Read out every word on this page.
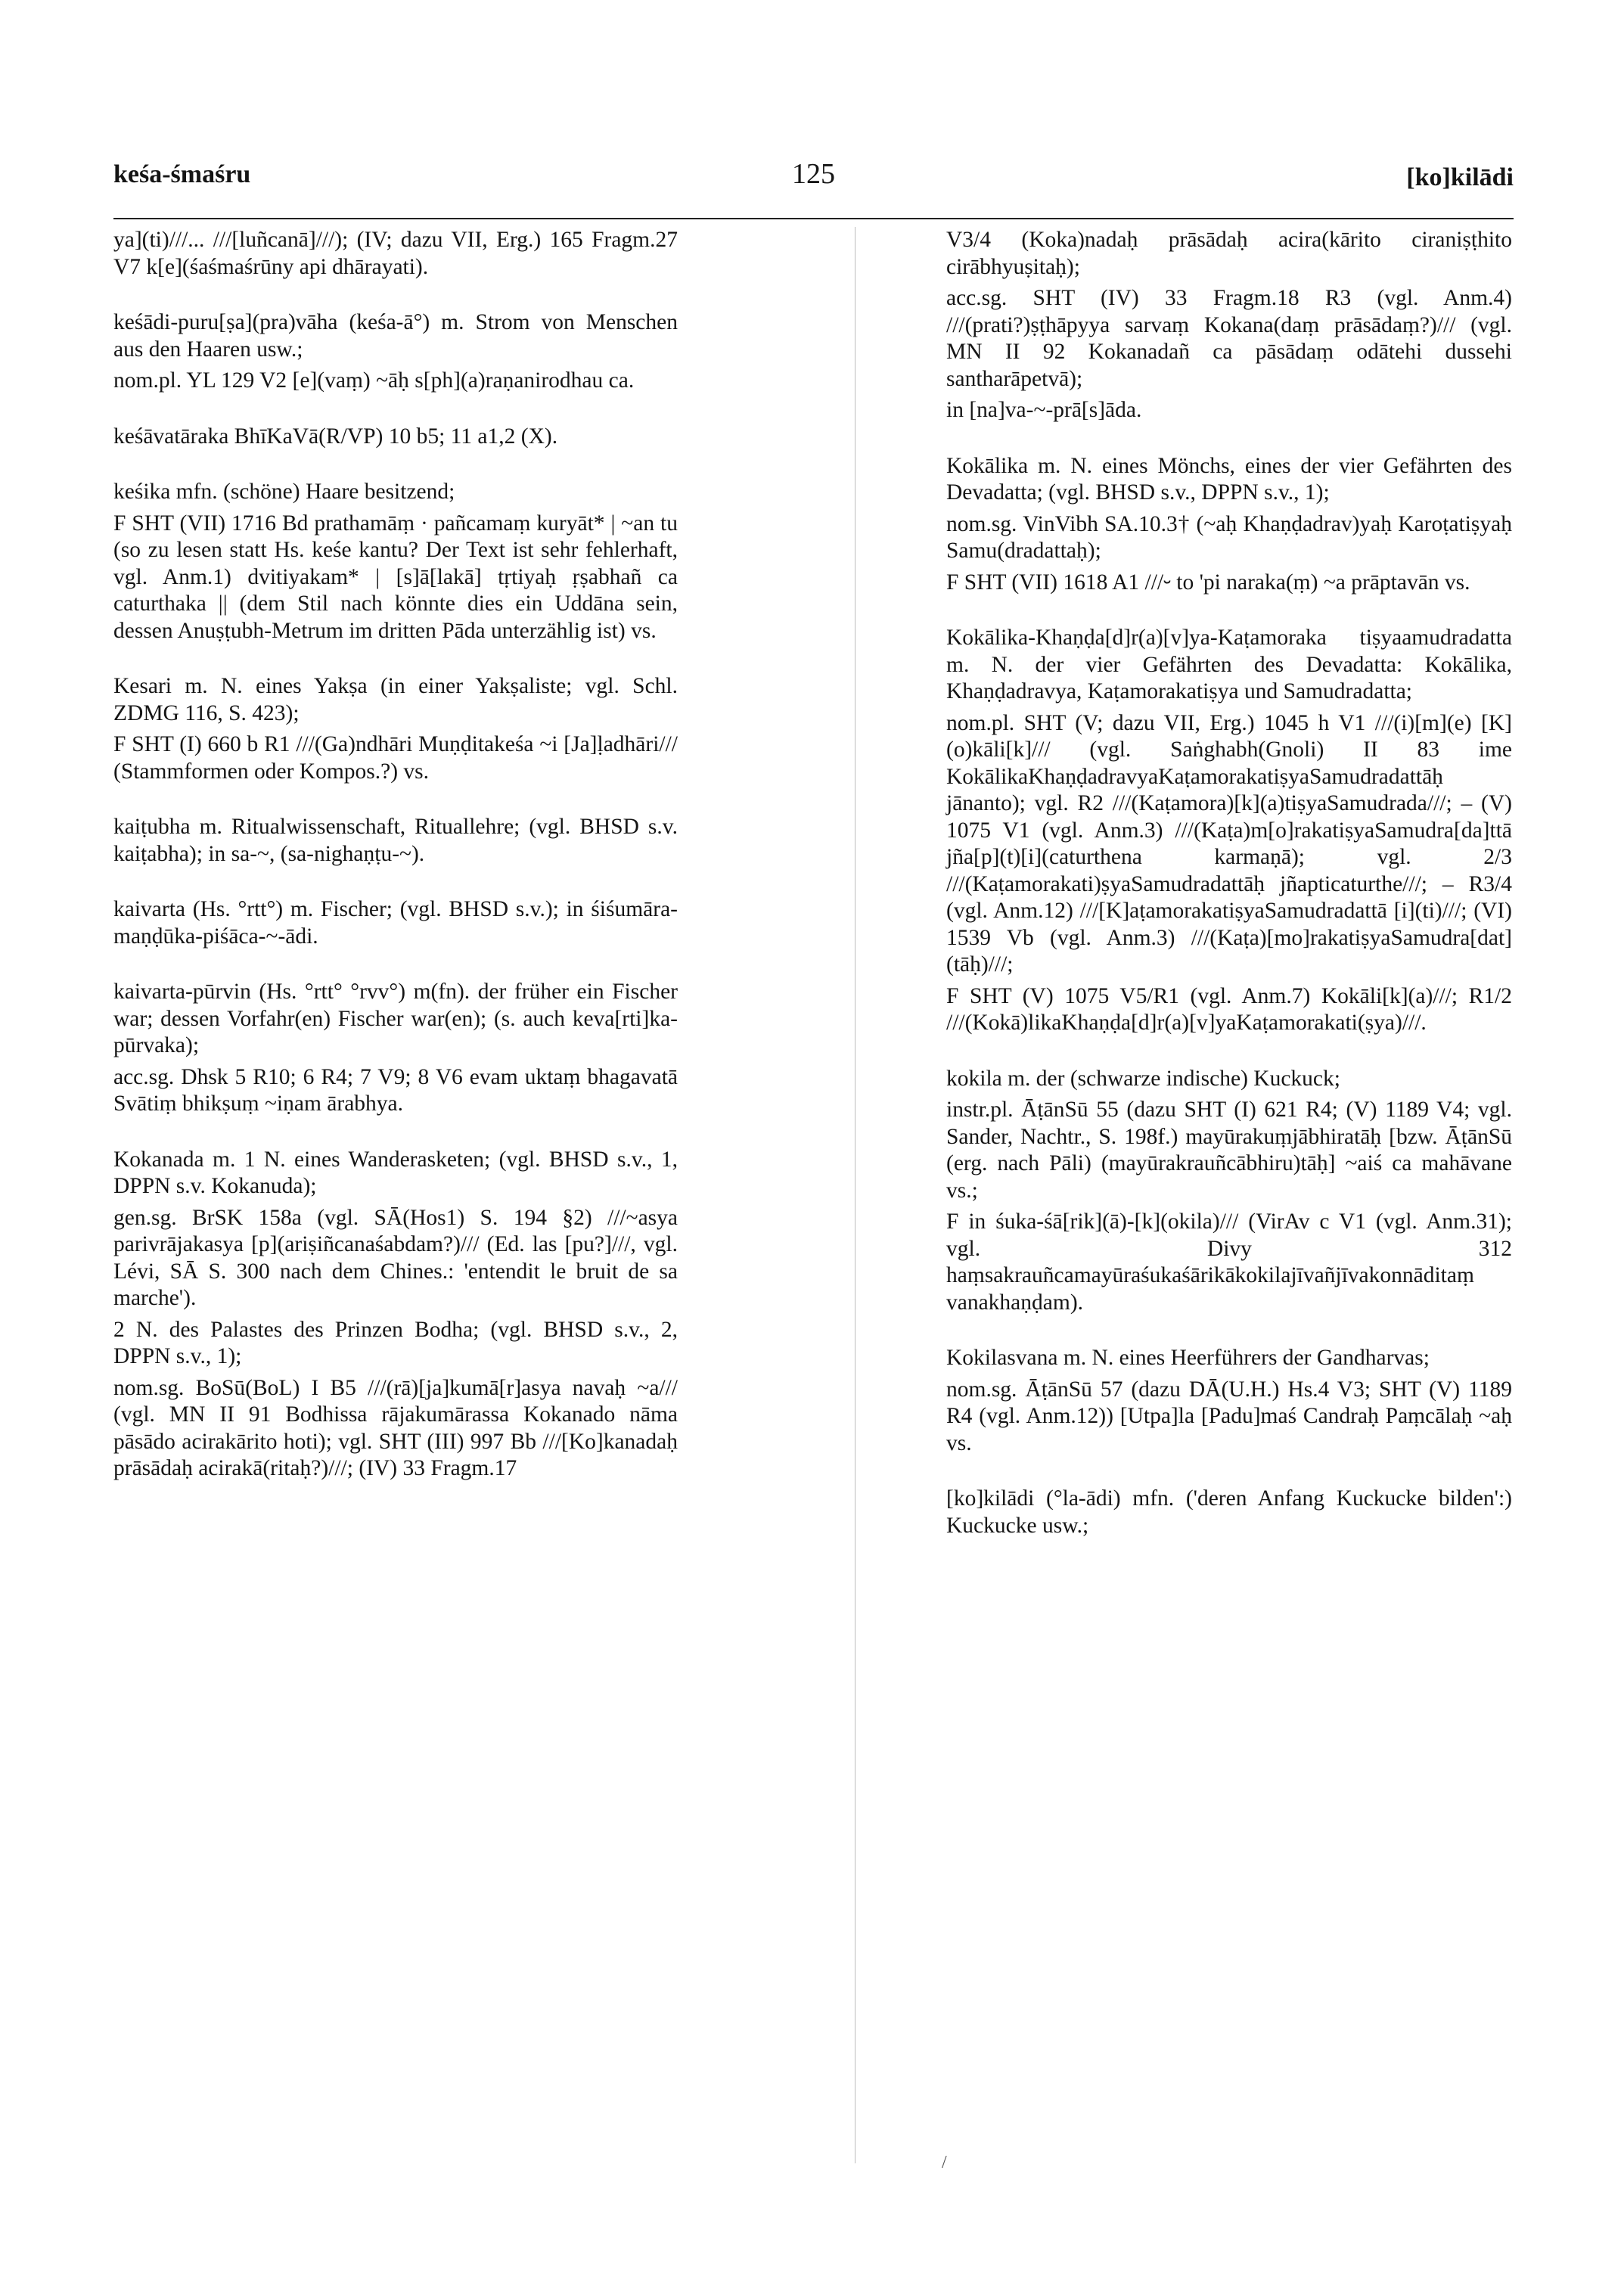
keśa-śmaśru	125	[ko]kilādi

ya](ti)///... ///[luñcanā]///); (IV; dazu VII, Erg.) 165 Fragm.27 V7 k[e](śaśmaśrūny api dhārayati).

keśādi-puru[ṣa](pra)vāha (keśa-ā°) m. Strom von Menschen aus den Haaren usw.;

nom.pl. YL 129 V2 [e](vaṃ) ~āḥ s[ph](a)raṇanirodhau ca.

keśāvatāraka BhīKaVā(R/VP) 10 b5; 11 a1,2 (X).

keśika mfn. (schöne) Haare besitzend;

F SHT (VII) 1716 Bd prathamāṃ · pañcamaṃ kuryāt* | ~an tu (so zu lesen statt Hs. keśe kantu? Der Text ist sehr fehlerhaft, vgl. Anm.1) dvitiyakam* | [s]ā[lakā] tṛtiyaḥ ṛṣabhañ ca caturthaka || (dem Stil nach könnte dies ein Uddāna sein, dessen Anuṣṭubh-Metrum im dritten Pāda unterzählig ist) vs.

Kesari m. N. eines Yakṣa (in einer Yakṣaliste; vgl. Schl. ZDMG 116, S. 423);

F SHT (I) 660 b R1 ///(Ga)ndhāri Muṇḍitakeśa ~i [Ja]ḷadhāri/// (Stammformen oder Kompos.?) vs.

kaiṭubha m. Ritualwissenschaft, Rituallehre; (vgl. BHSD s.v. kaiṭabha); in sa-~, (sa-nighaṇṭu-~).

kaivarta (Hs. °rtt°) m. Fischer; (vgl. BHSD s.v.); in śiśumāra-maṇḍūka-piśāca-~-ādi.

kaivarta-pūrvin (Hs. °rtt° °rvv°) m(fn). der früher ein Fischer war; dessen Vorfahr(en) Fischer war(en); (s. auch keva[rti]ka-pūrvaka);

acc.sg. Dhsk 5 R10; 6 R4; 7 V9; 8 V6 evam uktaṃ bhagavatā Svātiṃ bhikṣuṃ ~iṇam ārabhya.

Kokanada m. 1 N. eines Wanderasketen; (vgl. BHSD s.v., 1, DPPN s.v. Kokanuda);

gen.sg. BrSK 158a (vgl. SĀ(Hos1) S. 194 §2) ///~asya parivrājakasya [p](ariṣiñcanaśabdam?)/// (Ed. las [pu?]///, vgl. Lévi, SĀ S. 300 nach dem Chines.: 'entendit le bruit de sa marche').

2 N. des Palastes des Prinzen Bodha; (vgl. BHSD s.v., 2, DPPN s.v., 1);

nom.sg. BoSū(BoL) I B5 ///(rā)[ja]kumā[r]asya navaḥ ~a/// (vgl. MN II 91 Bodhissa rājakumārassa Kokanado nāma pāsādo acirakārito hoti); vgl. SHT (III) 997 Bb ///[Ko]kanadaḥ prāsādaḥ acirakā(ritaḥ?)///; (IV) 33 Fragm.17

V3/4 (Koka)nadaḥ prāsādaḥ acira(kārito ciraniṣṭhito cirābhyuṣitaḥ);

acc.sg. SHT (IV) 33 Fragm.18 R3 (vgl. Anm.4) ///(prati?)ṣṭhāpyya sarvaṃ Kokana(daṃ prāsādaṃ?)/// (vgl. MN II 92 Kokanadañ ca pāsādaṃ odātehi dussehi santharāpetvā);

in [na]va-~-prā[s]āda.

Kokālika m. N. eines Mönchs, eines der vier Gefährten des Devadatta; (vgl. BHSD s.v., DPPN s.v., 1);

nom.sg. VinVibh SA.10.3† (~aḥ Khaṇḍadrav)yaḥ Karoṭatiṣyaḥ Samu(dradattaḥ);

F SHT (VII) 1618 A1 ///⏑ to 'pi naraka(ṃ) ~a prāptavān vs.

Kokālika-Khaṇḍa[d]r(a)[v]ya-Kaṭamoraka tiṣyaamudradatta m. N. der vier Gefährten des Devadatta: Kokālika, Khaṇḍadravya, Kaṭamorakatiṣya und Samudradatta;

nom.pl. SHT (V; dazu VII, Erg.) 1045 h V1 ///(i)[m](e) [K](o)kāli[k]/// (vgl. Saṅghabh(Gnoli) II 83 ime KokālikaKhaṇḍadravyaKaṭamorakatiṣyaSamudradattāḥ jānanto); vgl. R2 ///(Kaṭamora)[k](a)tiṣyaSamudrada///; – (V) 1075 V1 (vgl. Anm.3) ///(Kaṭa)m[o]rakatiṣyaSamudra[da]ttā jña[p](t)[i](caturthena karmaṇā); vgl. 2/3 ///(Kaṭamorakati)ṣyaSamudradattāḥ jñapticaturthe///; – R3/4 (vgl. Anm.12) ///[K]aṭamorakatiṣyaSamudradattā [i](ti)///; (VI) 1539 Vb (vgl. Anm.3) ///(Kaṭa)[mo]rakatiṣyaSamudra[dat](tāḥ)///;

F SHT (V) 1075 V5/R1 (vgl. Anm.7) Kokāli[k](a)///; R1/2 ///(Kokā)likaKhaṇḍa[d]r(a)[v]yaKaṭamorakati(ṣya)///.

kokila m. der (schwarze indische) Kuckuck;

instr.pl. ĀṭānSū 55 (dazu SHT (I) 621 R4; (V) 1189 V4; vgl. Sander, Nachtr., S. 198f.) mayūrakuṃjābhiratāḥ [bzw. ĀṭānSū (erg. nach Pāli) (mayūrakrauñcābhiru)tāḥ] ~aiś ca mahāvane vs.;

F in śuka-śā[rik](ā)-[k](okila)/// (VirAv c V1 (vgl. Anm.31); vgl. Divy 312 haṃsakrauñcamayūraśukaśārikākokilajīvañjīvakonnāditaṃ vanakhaṇḍam).

Kokilasvana m. N. eines Heerführers der Gandharvas;

nom.sg. ĀṭānSū 57 (dazu DĀ(U.H.) Hs.4 V3; SHT (V) 1189 R4 (vgl. Anm.12)) [Utpa]la [Padu]maś Candraḥ Paṃcālaḥ ~aḥ vs.

[ko]kilādi (°la-ādi) mfn. ('deren Anfang Kuckucke bilden':) Kuckucke usw.;

/
